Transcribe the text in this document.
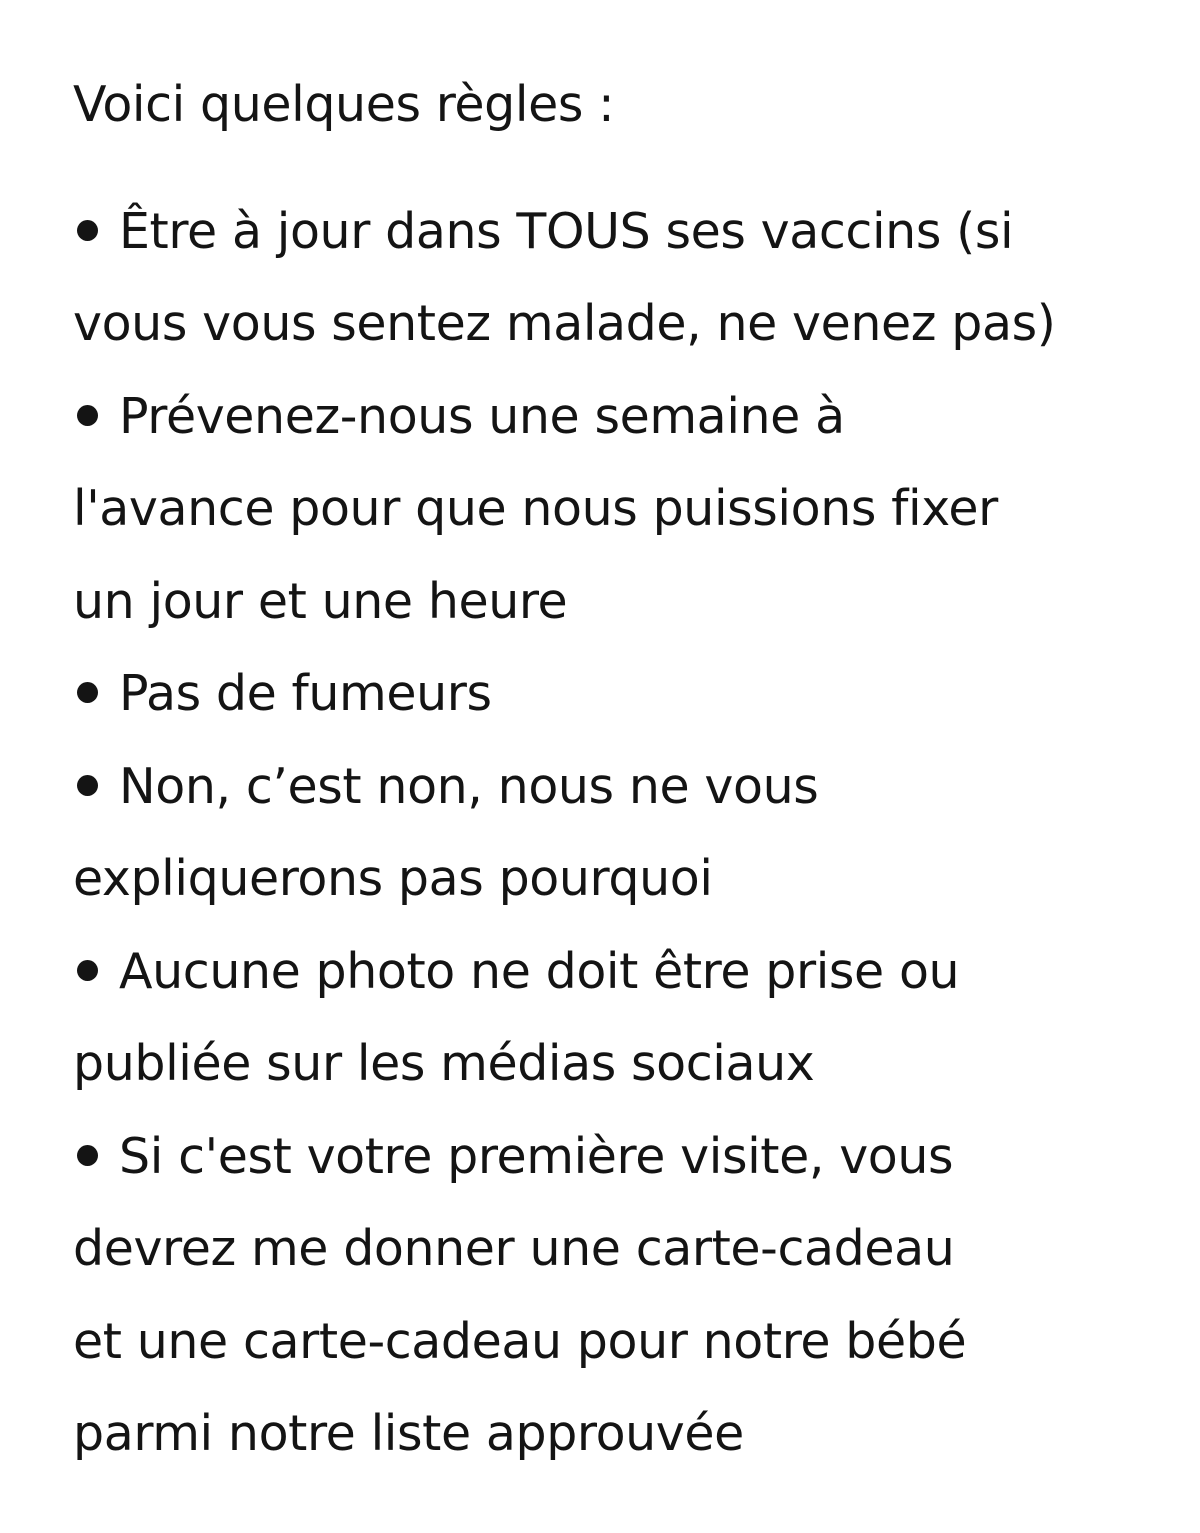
Voici quelques règles :
Être à jour dans TOUS ses vaccins (si
vous vous sentez malade, ne venez pas)
Prévenez-nous une semaine à
l'avance pour que nous puissions fixer
un jour et une heure
Pas de fumeurs
Non, c’est non, nous ne vous
expliquerons pas pourquoi
Aucune photo ne doit être prise ou
publiée sur les médias sociaux
Si c'est votre première visite, vous
devrez me donner une carte-cadeau
et une carte-cadeau pour notre bébé
parmi notre liste approuvée
